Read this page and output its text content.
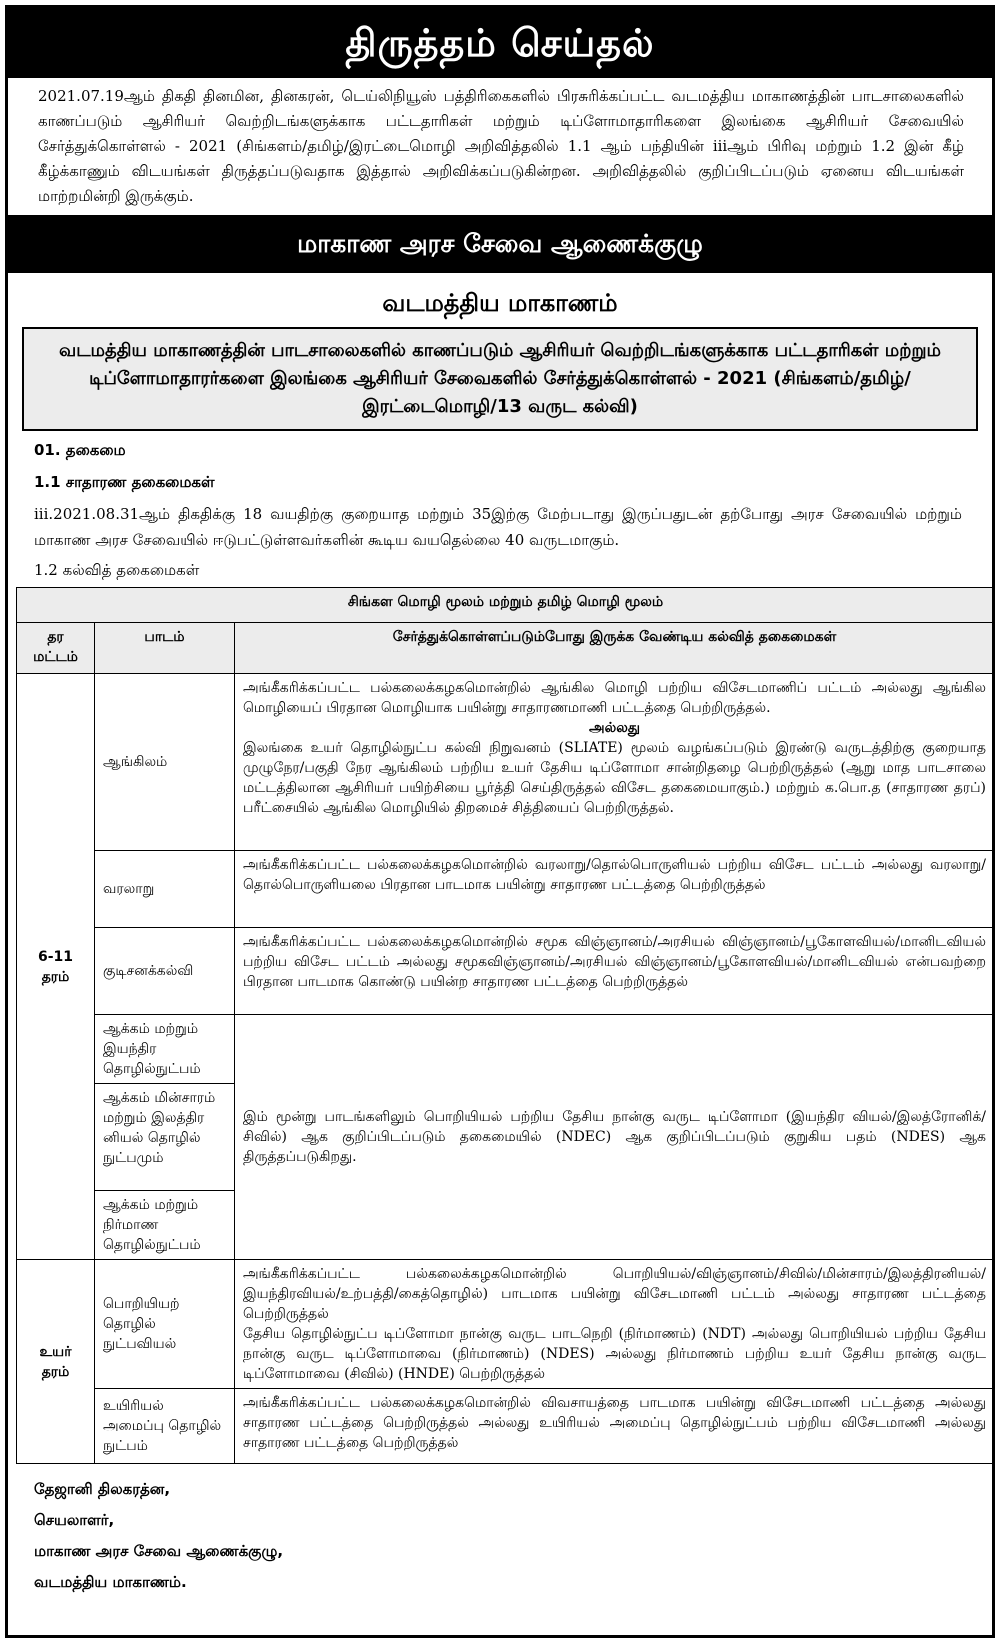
திருத்தம் செய்தல்
2021.07.19ஆம் திகதி தினமின, தினகரன், டெய்லிநியூஸ் பத்திரிகைகளில் பிரசுரிக்கப்பட்ட வடமத்திய மாகாணத்தின் பாடசாலைகளில் காணப்படும் ஆசிரியர் வெற்றிடங்களுக்காக பட்டதாரிகள் மற்றும் டிப்ளோமாதாரிகளை இலங்கை ஆசிரியர் சேவையில் சேர்த்துக்கொள்ளல் - 2021 (சிங்களம்/தமிழ்/இரட்டைமொழி அறிவித்தலில் 1.1 ஆம் பந்தியின் iiiஆம் பிரிவு மற்றும் 1.2 இன் கீழ் கீழ்க்காணும் விடயங்கள் திருத்தப்படுவதாக இத்தால் அறிவிக்கப்படுகின்றன. அறிவித்தலில் குறிப்பிடப்படும் ஏனைய விடயங்கள் மாற்றமின்றி இருக்கும்.
மாகாண அரச சேவை ஆணைக்குழு
வடமத்திய மாகாணம்
வடமத்திய மாகாணத்தின் பாடசாலைகளில் காணப்படும் ஆசிரியர் வெற்றிடங்களுக்காக பட்டதாரிகள் மற்றும் டிப்ளோமாதாரர்களை இலங்கை ஆசிரியர் சேவைகளில் சேர்த்துக்கொள்ளல் - 2021 (சிங்களம்/தமிழ்/இரட்டைமொழி/13 வருட கல்வி)
01. தகைமை
1.1 சாதாரண தகைமைகள்
iii.2021.08.31ஆம் திகதிக்கு 18 வயதிற்கு குறையாத மற்றும் 35இற்கு மேற்படாது இருப்பதுடன் தற்போது அரச சேவையில் மற்றும் மாகாண அரச சேவையில் ஈடுபட்டுள்ளவர்களின் கூடிய வயதெல்லை 40 வருடமாகும்.
1.2 கல்வித் தகைமைகள்
சிங்கள மொழி மூலம் மற்றும் தமிழ் மொழி மூலம்		
தர மட்டம்	பாடம்	சேர்த்துக்கொள்ளப்படும்போது இருக்க வேண்டிய கல்வித் தகைமைகள்
6-11 தரம்	ஆங்கிலம்	அங்கீகரிக்கப்பட்ட பல்கலைக்கழகமொன்றில் ஆங்கில மொழி பற்றிய விசேடமாணிப் பட்டம் அல்லது ஆங்கில மொழியைப் பிரதான மொழியாக பயின்று சாதாரணமாணி பட்டத்தை பெற்றிருத்தல்.
அல்லது
இலங்கை உயர் தொழில்நுட்ப கல்வி நிறுவனம் (SLIATE) மூலம் வழங்கப்படும் இரண்டு வருடத்திற்கு குறையாத முழுநேர/பகுதி நேர ஆங்கிலம் பற்றிய உயர் தேசிய டிப்ளோமா சான்றிதழை பெற்றிருத்தல் (ஆறு மாத பாடசாலை மட்டத்திலான ஆசிரியர் பயிற்சியை பூர்த்தி செய்திருத்தல் விசேட தகைமையாகும்.) மற்றும் க.பொ.த (சாதாரண தரப்) பரீட்சையில் ஆங்கில மொழியில் திறமைச் சித்தியைப் பெற்றிருத்தல்.

	வரலாறு	அங்கீகரிக்கப்பட்ட பல்கலைக்கழகமொன்றில் வரலாறு/தொல்பொருளியல் பற்றிய விசேட பட்டம் அல்லது வரலாறு/தொல்பொருளியலை பிரதான பாடமாக பயின்று சாதாரண பட்டத்தை பெற்றிருத்தல்
	குடிசனக்கல்வி	அங்கீகரிக்கப்பட்ட பல்கலைக்கழகமொன்றில் சமூக விஞ்ஞானம்/அரசியல் விஞ்ஞானம்/பூகோளவியல்/மானிடவியல் பற்றிய விசேட பட்டம் அல்லது சமூகவிஞ்ஞானம்/அரசியல் விஞ்ஞானம்/பூகோளவியல்/மானிடவியல் என்பவற்றை பிரதான பாடமாக கொண்டு பயின்ற சாதாரண பட்டத்தை பெற்றிருத்தல்
	ஆக்கம் மற்றும் இயந்திர தொழில்நுட்பம்	இம் மூன்று பாடங்களிலும் பொறியியல் பற்றிய தேசிய நான்கு வருட டிப்ளோமா (இயந்திர வியல்/இலத்ரோனிக்/சிவில்) ஆக குறிப்பிடப்படும் தகைமையில் (NDEC) ஆக குறிப்பிடப்படும் குறுகிய பதம் (NDES) ஆக திருத்தப்படுகிறது.
	ஆக்கம் மின்சாரம் மற்றும் இலத்திர னியல் தொழில் நுட்பமும்	
	ஆக்கம் மற்றும் நிர்மாண தொழில்நுட்பம்	
உயர் தரம்	பொறியியற் தொழில் நுட்பவியல்	அங்கீகரிக்கப்பட்ட பல்கலைக்கழகமொன்றில் பொறியியல்/விஞ்ஞானம்/சிவில்/மின்சாரம்/இலத்திரனியல்/இயந்திரவியல்/உற்பத்தி/கைத்தொழில்) பாடமாக பயின்று விசேடமாணி பட்டம் அல்லது சாதாரண பட்டத்தை பெற்றிருத்தல்
தேசிய தொழில்நுட்ப டிப்ளோமா நான்கு வருட பாடநெறி (நிர்மாணம்) (NDT) அல்லது பொறியியல் பற்றிய தேசிய நான்கு வருட டிப்ளோமாவை (நிர்மாணம்) (NDES) அல்லது நிர்மாணம் பற்றிய உயர் தேசிய நான்கு வருட டிப்ளோமாவை (சிவில்) (HNDE) பெற்றிருத்தல்

	உயிரியல் அமைப்பு தொழில் நுட்பம்	அங்கீகரிக்கப்பட்ட பல்கலைக்கழகமொன்றில் விவசாயத்தை பாடமாக பயின்று விசேடமாணி பட்டத்தை அல்லது சாதாரண பட்டத்தை பெற்றிருத்தல் அல்லது உயிரியல் அமைப்பு தொழில்நுட்பம் பற்றிய விசேடமாணி அல்லது சாதாரண பட்டத்தை பெற்றிருத்தல்
தேஜானி திலகரத்ன,
செயலாளர்,
மாகாண அரச சேவை ஆணைக்குழு,
வடமத்திய மாகாணம்.
